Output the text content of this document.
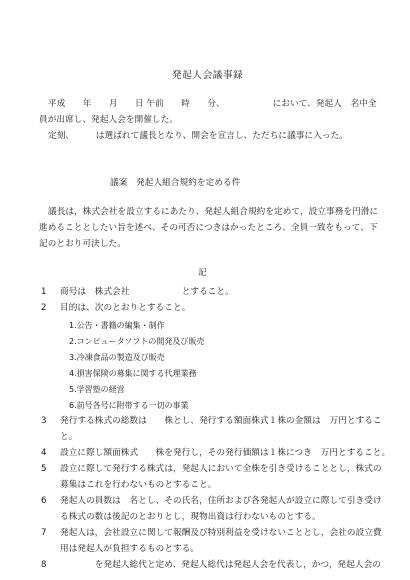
発起人会議事録
平成　　年　　月　　日 午前　　時　　分、　　　　　　において、発起人　名中全
員が出席し、発起人会を開催した。
定刻、　　　は選ばれて議長となり、開会を宣言し、ただちに議事に入った。
議案　発起人組合規約を定める件
議長は，株式会社を設立するにあたり、発起人組合規約を定めて，設立事務を円滑に
進めることとしたい旨を述べ、その可否につきはかったところ、全員一致をもって、下
記のとおり可決した。
記
1 商号は　株式会社　　　　　　とすること。
2 目的は、次のとおりとすること。
1.公告・書籍の編集・制作
2.コンピュータソフトの開発及び販売
3.冷凍食品の製造及び販売
4.損害保険の募集に関する代理業務
5.学習塾の経営
6.前号各号に附帯する一切の事業
3 発行する株式の総数は　　株とし、発行する額面株式１株の金額は　万円とするこ
と。
4 設立に際し額面株式　　株を発行し，その発行価額は１株につき　万円とすること。
5 設立に際して発行する株式は，発起人において全株を引き受けることとし，株式の
募集はこれを行わないものとすること。
6 発起人の員数は　名とし、その氏名，住所および各発起人が設立に際して引き受け
る株式の数は後記のとおりとし，現物出資は行わないものとする。
7 発起人は，会社設立に関して報酬及び特別利益を受けないこととし，会社の設立費
用は発起人が負担するものとする。
8 　　　　を発起人総代と定め、発起人総代は発起人会を代表し，かつ，発起人会の
